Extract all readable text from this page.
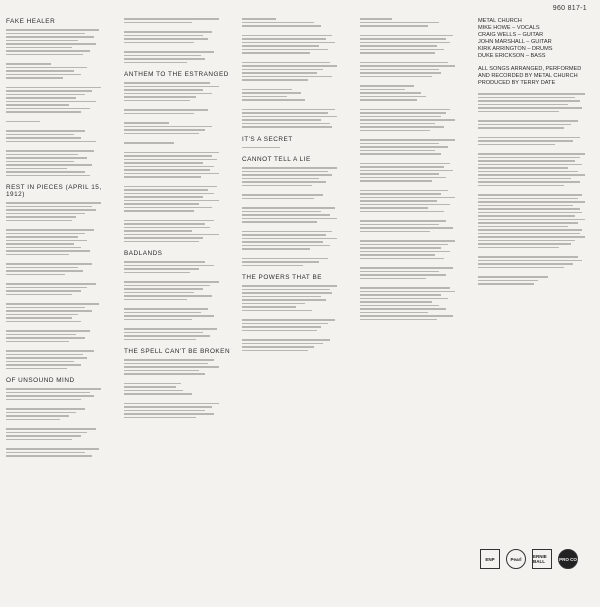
960 817-1
FAKE HEALER
REST IN PIECES (APRIL 15, 1912)
OF UNSOUND MIND
ANTHEM TO THE ESTRANGED
BADLANDS
THE SPELL CAN'T BE BROKEN
IT'S A SECRET
CANNOT TELL A LIE
THE POWERS THAT BE
METAL CHURCH
MIKE HOWE – VOCALS
CRAIG WELLS – GUITAR
JOHN MARSHALL – GUITAR
KIRK ARRINGTON – DRUMS
DUKE ERICKSON – BASS
ALL SONGS ARRANGED, PERFORMED AND RECORDED BY METAL CHURCH
PRODUCED BY TERRY DATE
ENP	Pearl	ERNIE BALL	PRO CO
